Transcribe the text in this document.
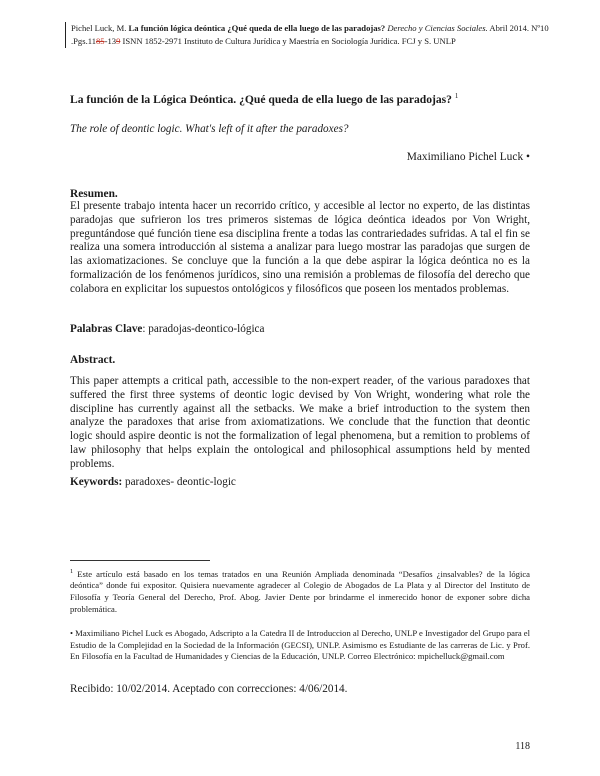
Pichel Luck, M. La función lógica deóntica ¿Qué queda de ella luego de las paradojas? Derecho y Ciencias Sociales. Abril 2014. Nº10 .Pgs.1185-139 ISNN 1852-2971 Instituto de Cultura Jurídica y Maestría en Sociología Jurídica. FCJ y S. UNLP
La función de la Lógica Deóntica. ¿Qué queda de ella luego de las paradojas? $^1$
The role of deontic logic. What's left of it after the paradoxes?
Maximiliano Pichel Luck •
Resumen.
El presente trabajo intenta hacer un recorrido crítico, y accesible al lector no experto, de las distintas paradojas que sufrieron los tres primeros sistemas de lógica deóntica ideados por Von Wright, preguntándose qué función tiene esa disciplina frente a todas las contrariedades sufridas. A tal el fin se realiza una somera introducción al sistema a analizar para luego mostrar las paradojas que surgen de las axiomatizaciones. Se concluye que la función a la que debe aspirar la lógica deóntica no es la formalización de los fenómenos jurídicos, sino una remisión a problemas de filosofía del derecho que colabora en explicitar los supuestos ontológicos y filosóficos que poseen los mentados problemas.
Palabras Clave: paradojas-deontico-lógica
Abstract.
This paper attempts a critical path, accessible to the non-expert reader, of the various paradoxes that suffered the first three systems of deontic logic devised by Von Wright, wondering what role the discipline has currently against all the setbacks. We make a brief introduction to the system then analyze the paradoxes that arise from axiomatizations. We conclude that the function that deontic logic should aspire deontic is not the formalization of legal phenomena, but a remition to problems of law philosophy that helps explain the ontological and philosophical assumptions held by mented problems.
Keywords: paradoxes- deontic-logic
$^1$ Este artículo está basado en los temas tratados en una Reunión Ampliada denominada “Desafíos ¿insalvables? de la lógica deóntica” donde fui expositor. Quisiera nuevamente agradecer al Colegio de Abogados de La Plata y al Director del Instituto de Filosofía y Teoría General del Derecho, Prof. Abog. Javier Dente por brindarme el inmerecido honor de exponer sobre dicha problemática.
• Maximiliano Pichel Luck es Abogado, Adscripto a la Catedra II de Introduccion al Derecho, UNLP e Investigador del Grupo para el Estudio de la Complejidad en la Sociedad de la Información (GECSI), UNLP. Asimismo es Estudiante de las carreras de Lic. y Prof. En Filosofía en la Facultad de Humanidades y Ciencias de la Educación, UNLP. Correo Electrónico: mpichelluck@gmail.com
Recibido: 10/02/2014. Aceptado con correcciones: 4/06/2014.
118
